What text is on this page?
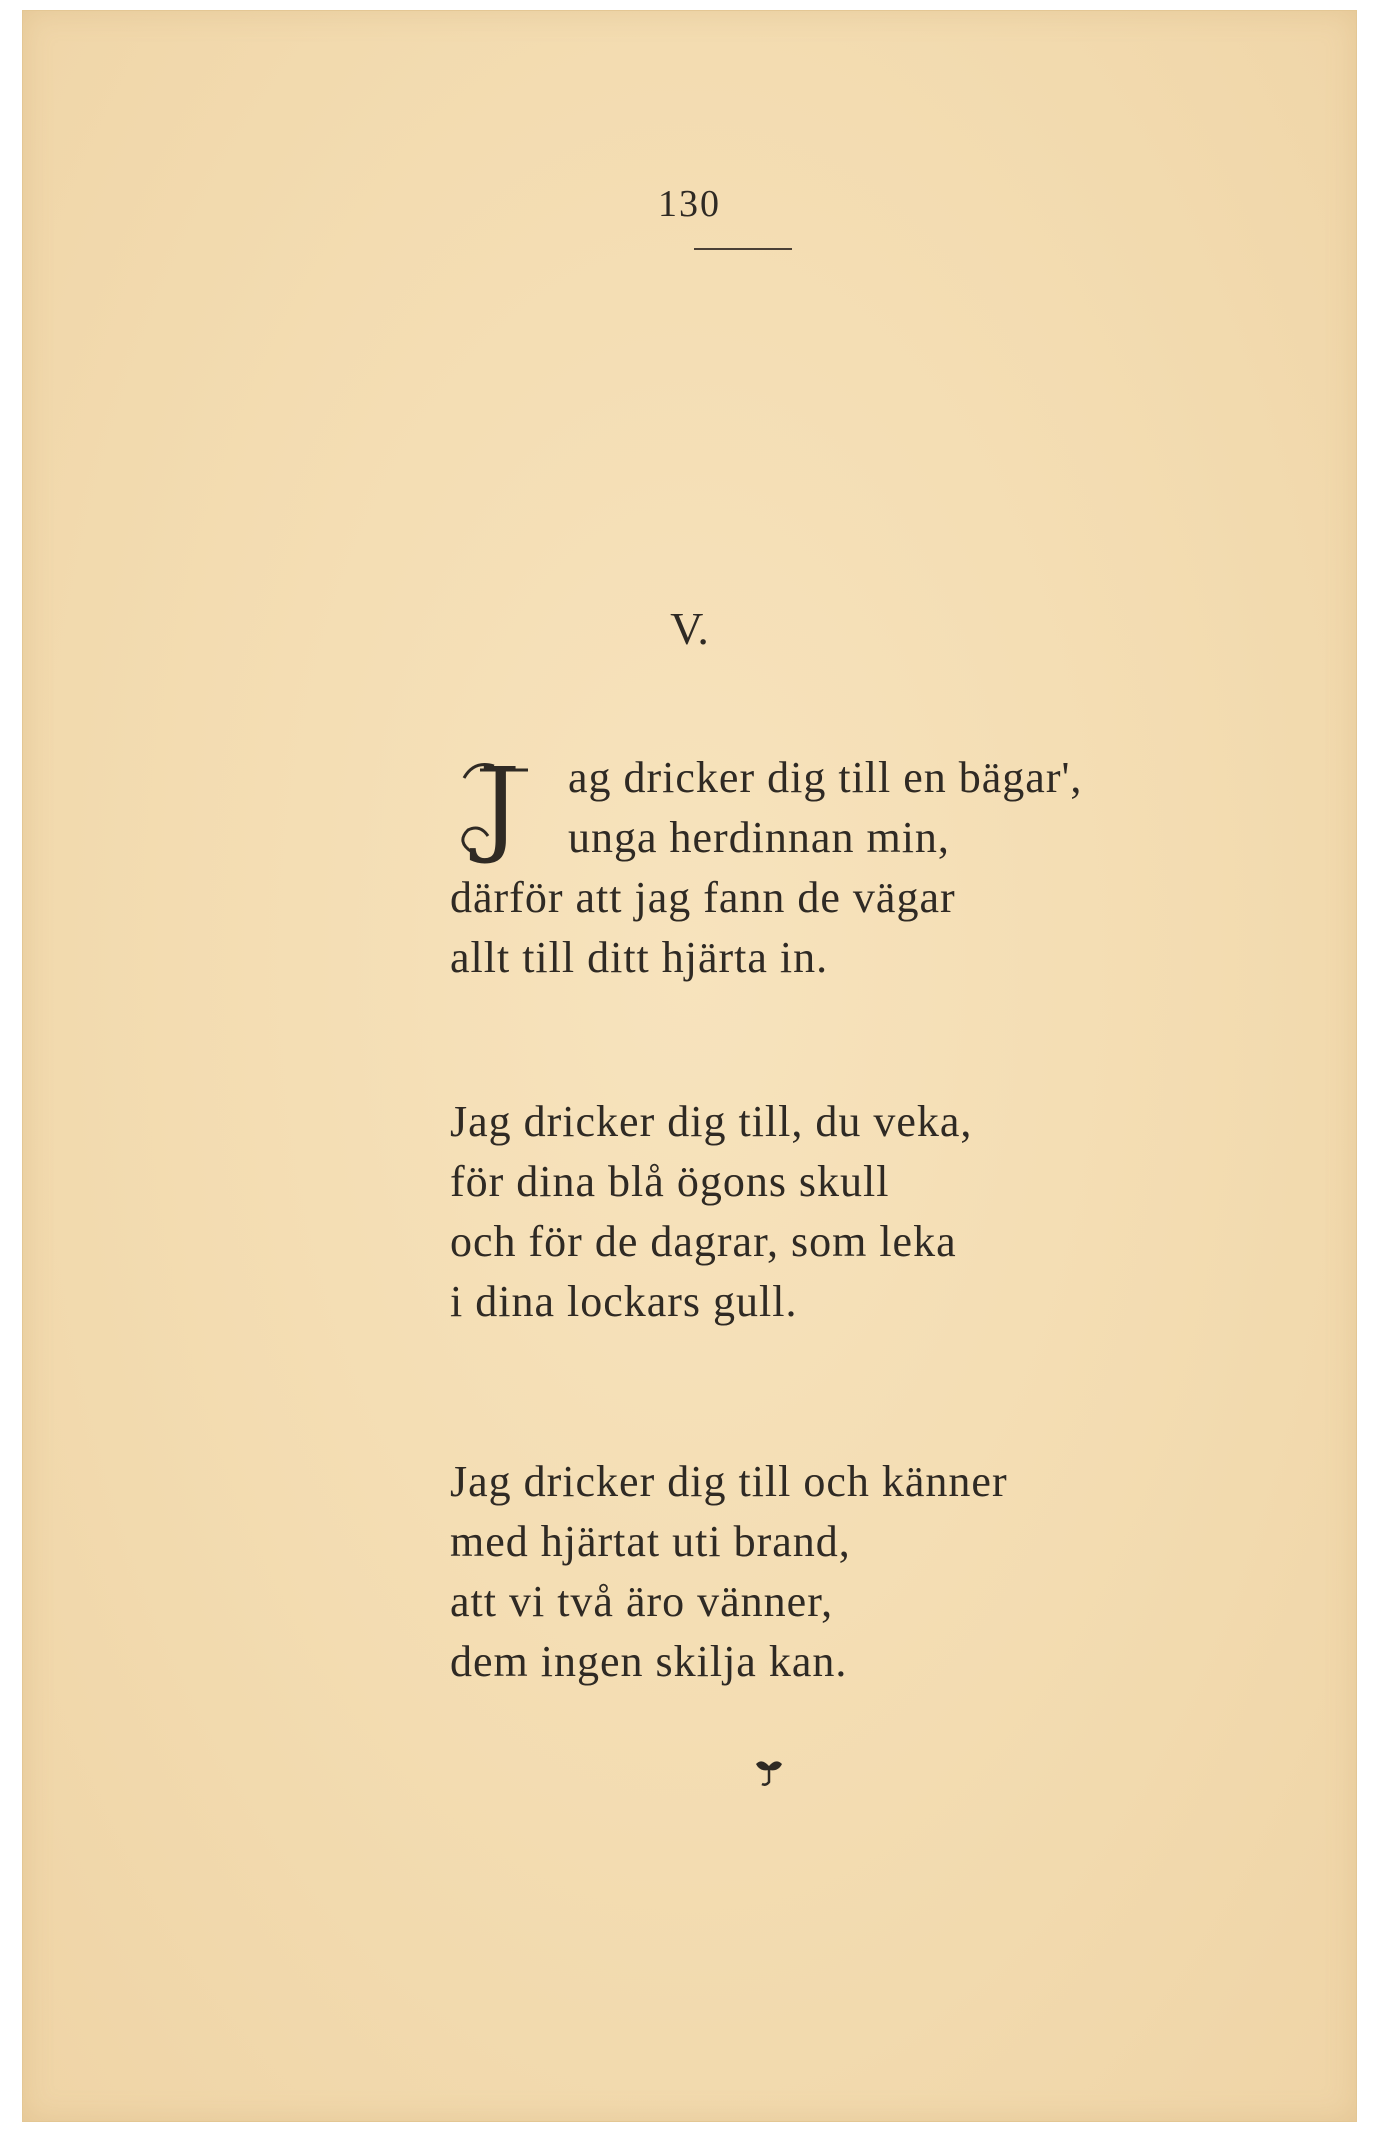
130
V.
J	ag dricker dig till en bägar',
unga herdinnan min,
därför att jag fann de vägar
allt till ditt hjärta in.
Jag dricker dig till, du veka,
för dina blå ögons skull
och för de dagrar, som leka
i dina lockars gull.
Jag dricker dig till och känner
med hjärtat uti brand,
att vi två äro vänner,
dem ingen skilja kan.
